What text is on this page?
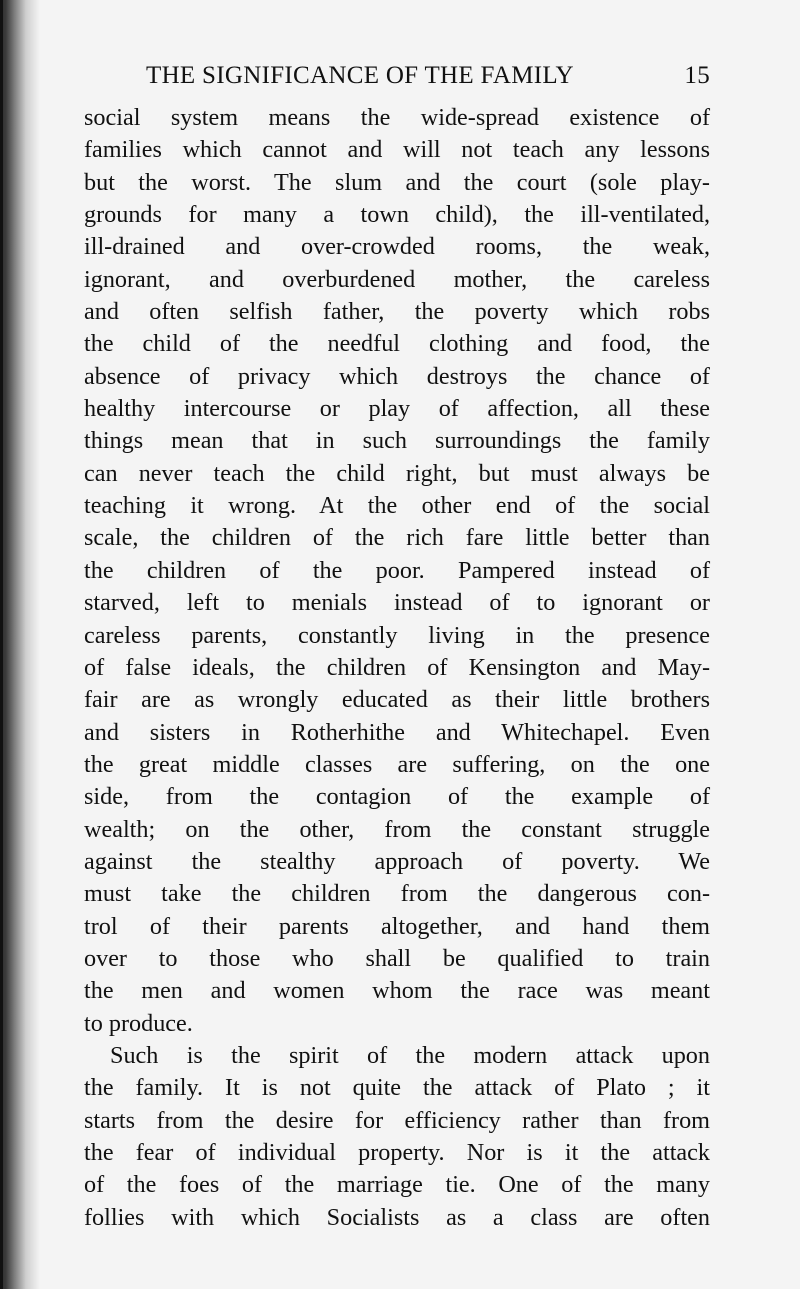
THE SIGNIFICANCE OF THE FAMILY	15
social system means the wide-spread existence of
families which cannot and will not teach any lessons
but the worst. The slum and the court (sole play-
grounds for many a town child), the ill-ventilated,
ill-drained and over-crowded rooms, the weak,
ignorant, and overburdened mother, the careless
and often selfish father, the poverty which robs
the child of the needful clothing and food, the
absence of privacy which destroys the chance of
healthy intercourse or play of affection, all these
things mean that in such surroundings the family
can never teach the child right, but must always be
teaching it wrong. At the other end of the social
scale, the children of the rich fare little better than
the children of the poor. Pampered instead of
starved, left to menials instead of to ignorant or
careless parents, constantly living in the presence
of false ideals, the children of Kensington and May-
fair are as wrongly educated as their little brothers
and sisters in Rotherhithe and Whitechapel. Even
the great middle classes are suffering, on the one
side, from the contagion of the example of
wealth; on the other, from the constant struggle
against the stealthy approach of poverty. We
must take the children from the dangerous con-
trol of their parents altogether, and hand them
over to those who shall be qualified to train
the men and women whom the race was meant
to produce.
Such is the spirit of the modern attack upon
the family. It is not quite the attack of Plato ; it
starts from the desire for efficiency rather than from
the fear of individual property. Nor is it the attack
of the foes of the marriage tie. One of the many
follies with which Socialists as a class are often
